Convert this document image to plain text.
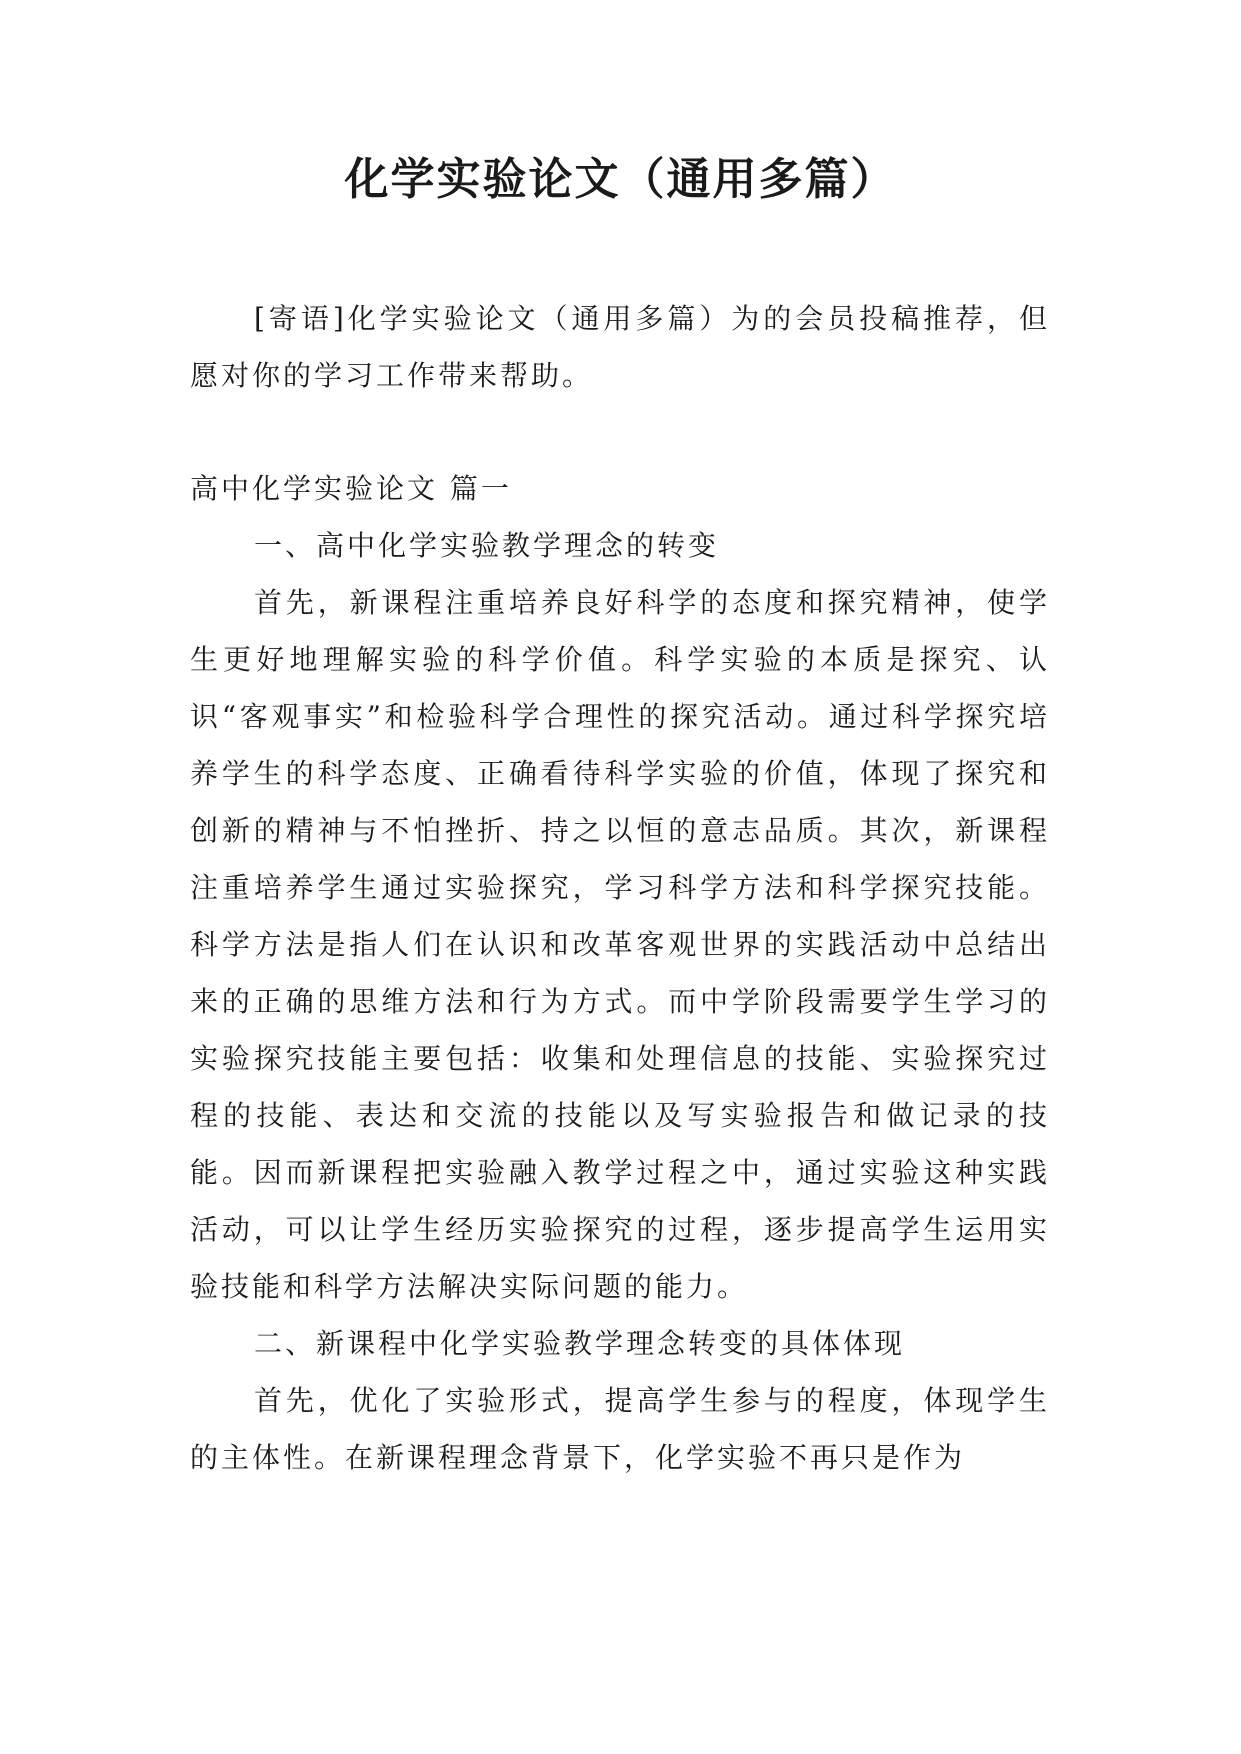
化学实验论文（通用多篇）

[寄语]化学实验论文（通用多篇）为的会员投稿推荐，但愿对你的学习工作带来帮助。

高中化学实验论文 篇一

一、高中化学实验教学理念的转变

首先，新课程注重培养良好科学的态度和探究精神，使学生更好地理解实验的科学价值。科学实验的本质是探究、认识“客观事实”和检验科学合理性的探究活动。通过科学探究培养学生的科学态度、正确看待科学实验的价值，体现了探究和创新的精神与不怕挫折、持之以恒的意志品质。其次，新课程注重培养学生通过实验探究，学习科学方法和科学探究技能。科学方法是指人们在认识和改革客观世界的实践活动中总结出来的正确的思维方法和行为方式。而中学阶段需要学生学习的实验探究技能主要包括：收集和处理信息的技能、实验探究过程的技能、表达和交流的技能以及写实验报告和做记录的技能。因而新课程把实验融入教学过程之中，通过实验这种实践活动，可以让学生经历实验探究的过程，逐步提高学生运用实验技能和科学方法解决实际问题的能力。

二、新课程中化学实验教学理念转变的具体体现

首先，优化了实验形式，提高学生参与的程度，体现学生的主体性。在新课程理念背景下，化学实验不再只是作为
